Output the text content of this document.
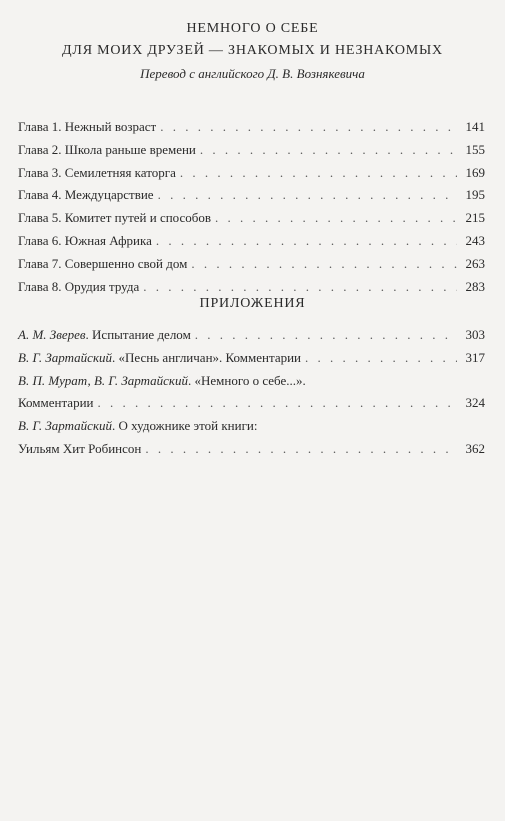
НЕМНОГО О СЕБЕ
ДЛЯ МОИХ ДРУЗЕЙ — ЗНАКОМЫХ И НЕЗНАКОМЫХ
Перевод с английского Д. В. Вознякевича
Глава 1. Нежный возраст . . .	141
Глава 2. Школа раньше времени . . .	155
Глава 3. Семилетняя каторга . . .	169
Глава 4. Междуцарствие . . .	195
Глава 5. Комитет путей и способов . . .	215
Глава 6. Южная Африка . . .	243
Глава 7. Совершенно свой дом . . .	263
Глава 8. Орудия труда . . .	283
ПРИЛОЖЕНИЯ
А. М. Зверев. Испытание делом . . .	303
В. Г. Зартайский. «Песнь англичан». Комментарии . . .	317
В. П. Мурат, В. Г. Зартайский. «Немного о себе...».
Комментарии . . .	324
В. Г. Зартайский. О художнике этой книги:
Уильям Хит Робинсон . . .	362
